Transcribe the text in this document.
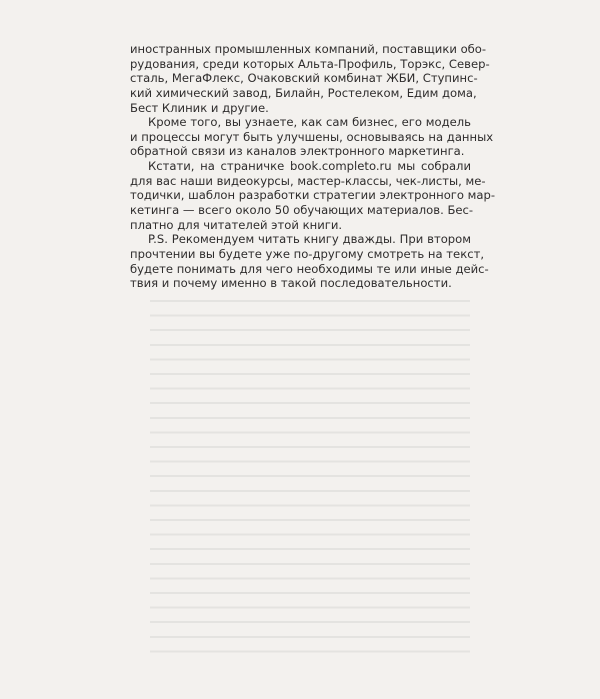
иностранных промышленных компаний, поставщики обо-
рудования, среди которых Альта-Профиль, Торэкс, Север-
сталь, МегаФлекс, Очаковский комбинат ЖБИ, Ступинс-
кий химический завод, Билайн, Ростелеком, Едим дома,
Бест Клиник и другие.
Кроме того, вы узнаете, как сам бизнес, его модель
и процессы могут быть улучшены, основываясь на данных
обратной связи из каналов электронного маркетинга.
Кстати, на страничке book.completo.ru мы собрали
для вас наши видеокурсы, мастер-классы, чек-листы, ме-
тодички, шаблон разработки стратегии электронного мар-
кетинга — всего около 50 обучающих материалов. Бес-
платно для читателей этой книги.
P.S. Рекомендуем читать книгу дважды. При втором
прочтении вы будете уже по-другому смотреть на текст,
будете понимать для чего необходимы те или иные дейс-
твия и почему именно в такой последовательности.
